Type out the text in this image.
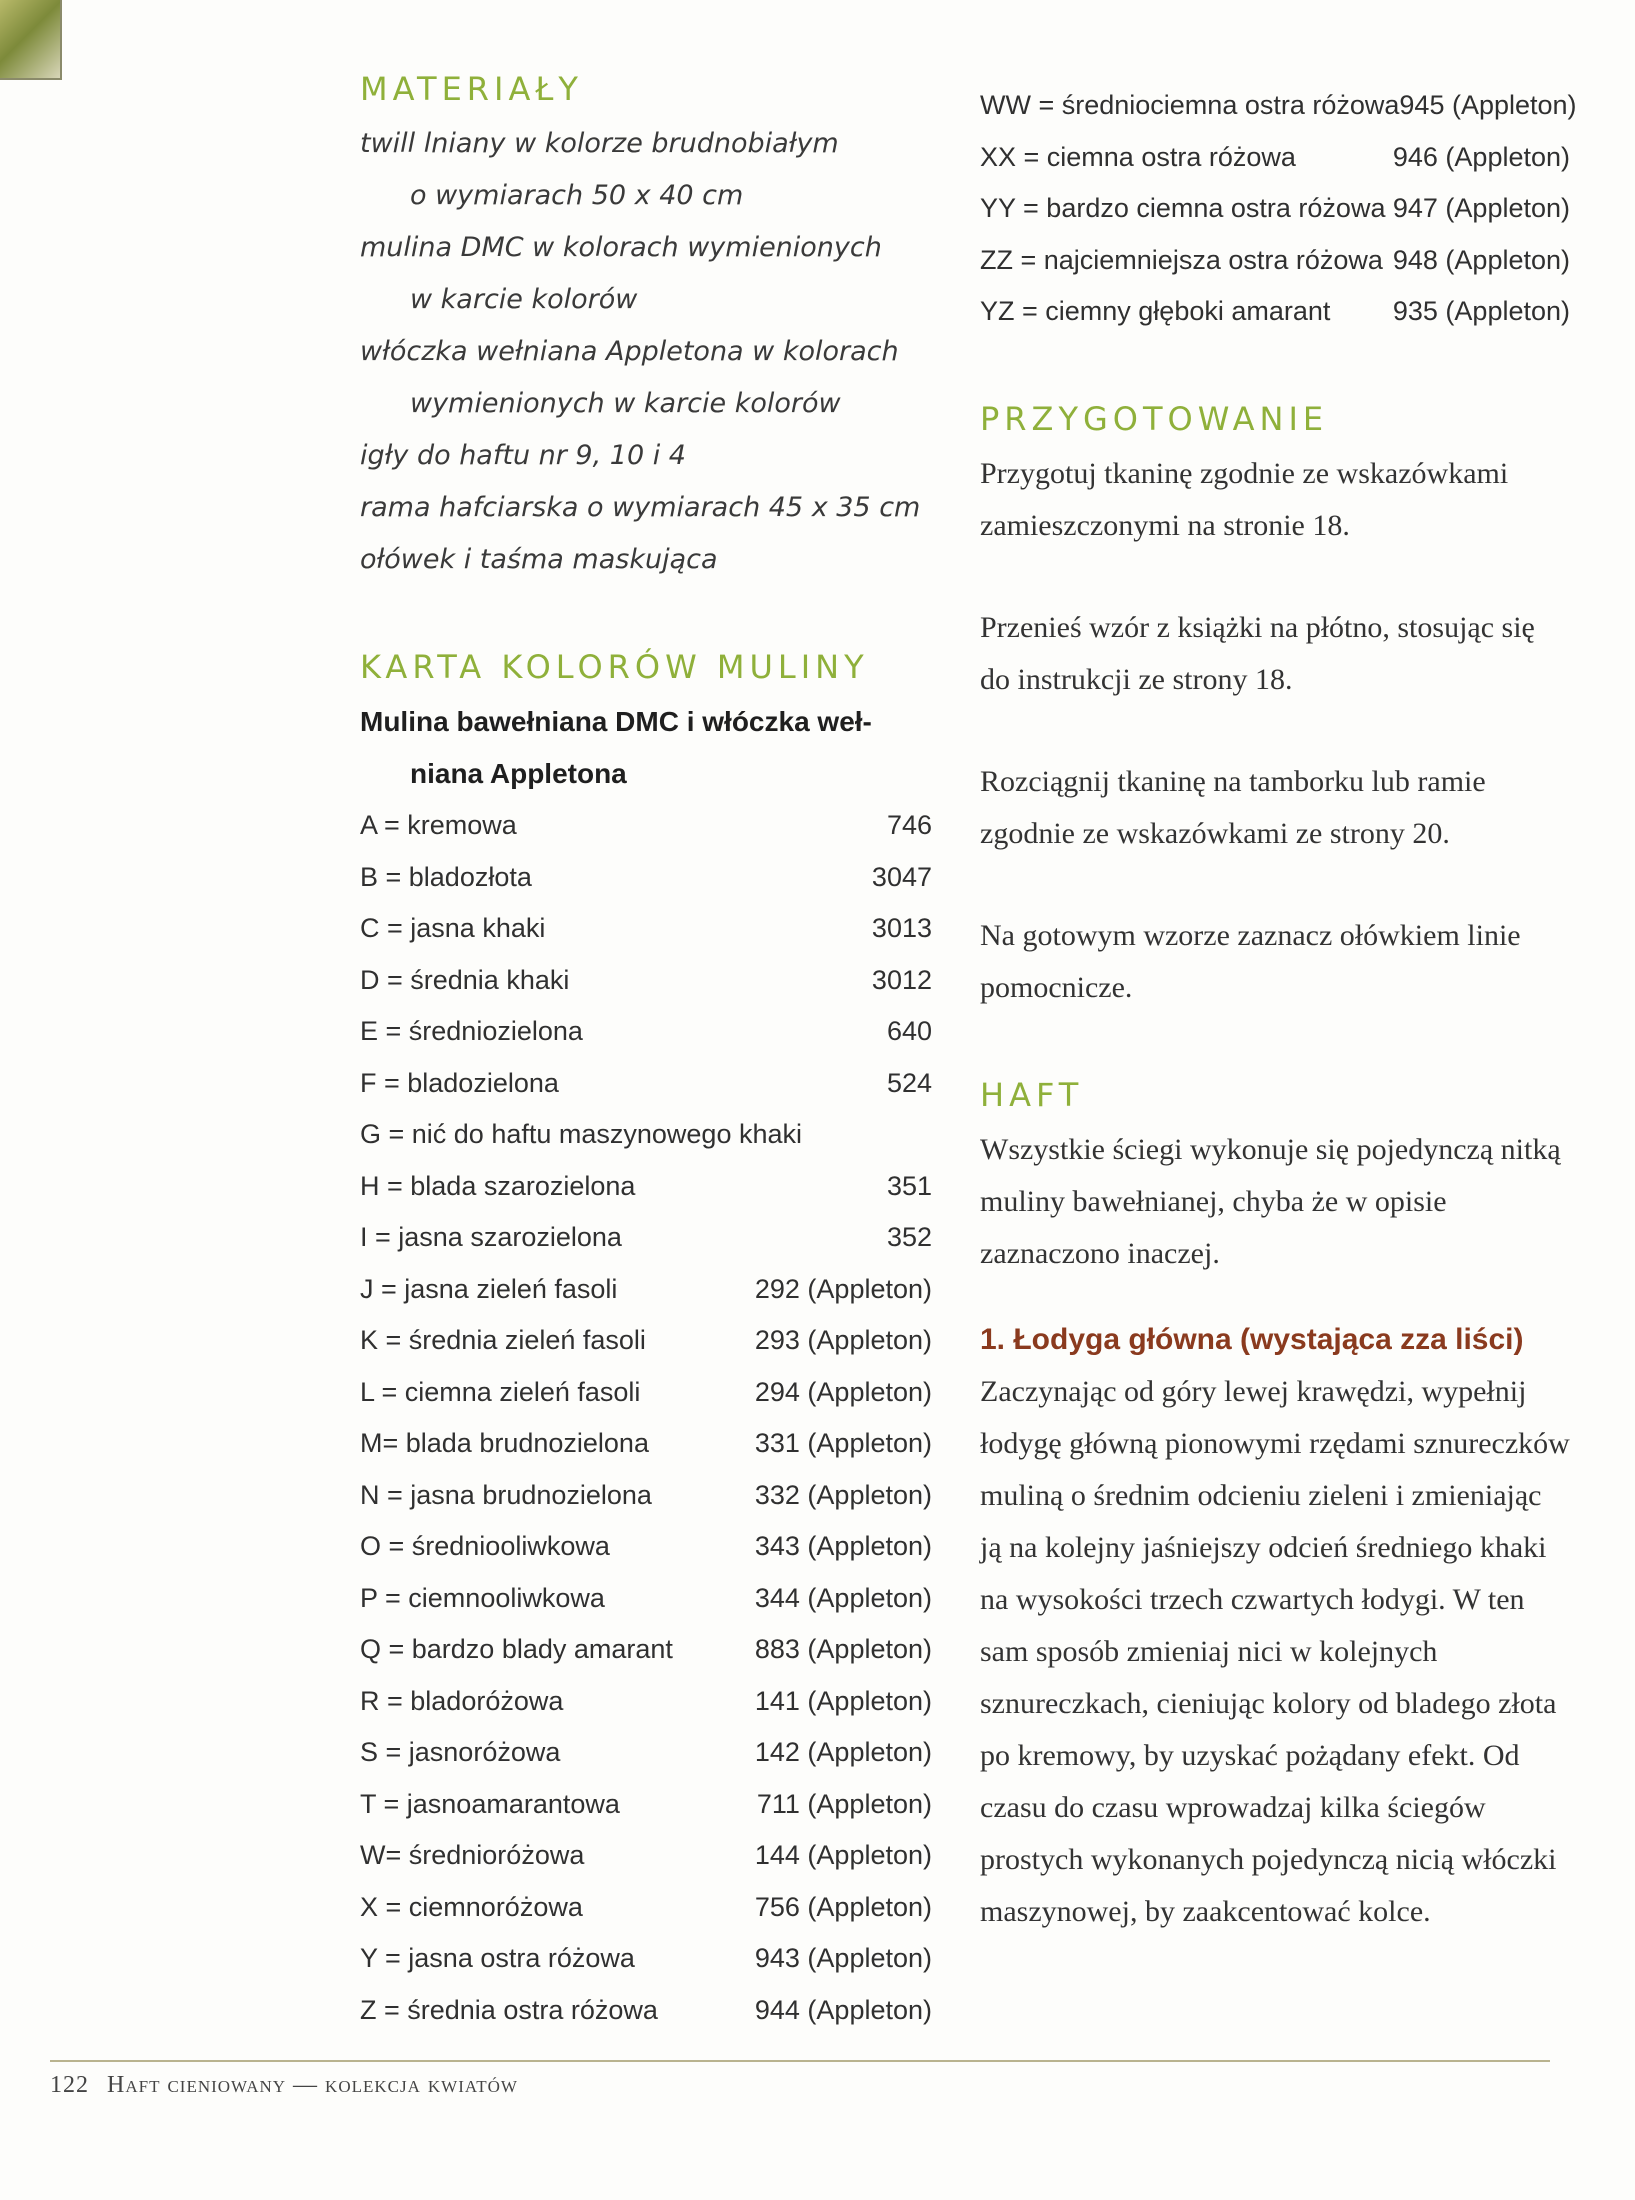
MATERIAŁY
twill lniany w kolorze brudnobiałym
o wymiarach 50 x 40 cm
mulina DMC w kolorach wymienionych
w karcie kolorów
włóczka wełniana Appletona w kolorach
wymienionych w karcie kolorów
igły do haftu nr 9, 10 i 4
rama hafciarska o wymiarach 45 x 35 cm
ołówek i taśma maskująca
KARTA KOLORÓW MULINY
Mulina bawełniana DMC i włóczka weł-
niana Appletona
A = kremowa	746
B = bladozłota	3047
C = jasna khaki	3013
D = średnia khaki	3012
E = średniozielona	640
F = bladozielona	524
G = nić do haftu maszynowego khaki
H = blada szarozielona	351
I = jasna szarozielona	352
J = jasna zieleń fasoli	292 (Appleton)
K = średnia zieleń fasoli	293 (Appleton)
L = ciemna zieleń fasoli	294 (Appleton)
M= blada brudnozielona	331 (Appleton)
N = jasna brudnozielona	332 (Appleton)
O = średniooliwkowa	343 (Appleton)
P = ciemnooliwkowa	344 (Appleton)
Q = bardzo blady amarant	883 (Appleton)
R = bladoróżowa	141 (Appleton)
S = jasnoróżowa	142 (Appleton)
T = jasnoamarantowa	711 (Appleton)
W= średnioróżowa	144 (Appleton)
X = ciemnoróżowa	756 (Appleton)
Y = jasna ostra różowa	943 (Appleton)
Z = średnia ostra różowa	944 (Appleton)
WW = średniociemna ostra różowa 945 (Appleton)
XX = ciemna ostra różowa	946 (Appleton)
YY = bardzo ciemna ostra różowa 947 (Appleton)
ZZ = najciemniejsza ostra różowa 948 (Appleton)
YZ = ciemny głęboki amarant	935 (Appleton)
PRZYGOTOWANIE

Przygotuj tkaninę zgodnie ze wskazówkami zamieszczonymi na stronie 18.

Przenieś wzór z książki na płótno, stosując się do instrukcji ze strony 18.

Rozciągnij tkaninę na tamborku lub ramie zgodnie ze wskazówkami ze strony 20.

Na gotowym wzorze zaznacz ołówkiem linie pomocnicze.

HAFT

Wszystkie ściegi wykonuje się pojedynczą nitką muliny bawełnianej, chyba że w opisie zaznaczono inaczej.

1. Łodyga główna (wystająca zza liści) Zaczynając od góry lewej krawędzi, wypełnij łodygę główną pionowymi rzędami sznureczków muliną o średnim odcieniu zieleni i zmieniając ją na kolejny jaśniejszy odcień średniego khaki na wysokości trzech czwartych łodygi. W ten sam sposób zmieniaj nici w kolejnych sznureczkach, cieniując kolory od bladego złota po kremowy, by uzyskać pożądany efekt. Od czasu do czasu wprowadzaj kilka ściegów prostych wykonanych pojedynczą nicią włóczki maszynowej, by zaakcentować kolce.

122 Haft cieniowany — kolekcja kwiatów
